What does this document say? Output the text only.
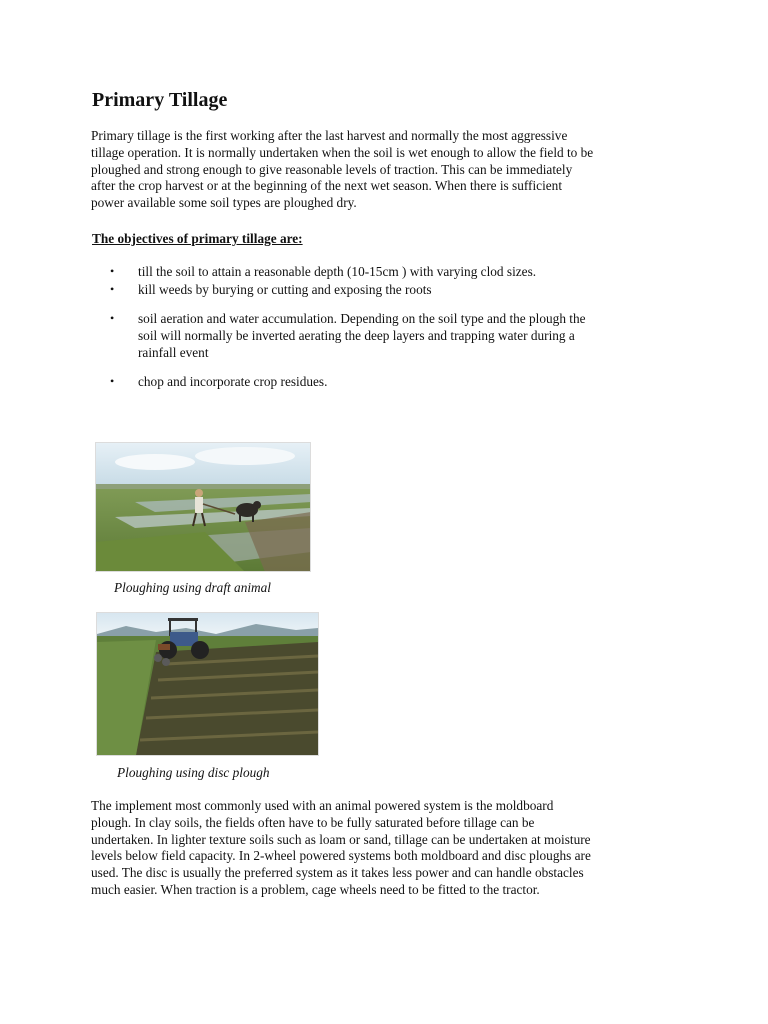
Primary Tillage

Primary tillage is the first working after the last harvest and normally the most aggressive
tillage operation. It is normally undertaken when the soil is wet enough to allow the field to be
ploughed and strong enough to give reasonable levels of traction. This can be immediately
after the crop harvest or at the beginning of the next wet season. When there is sufficient
power available some soil types are ploughed dry.

The objectives of primary tillage are:

• till the soil to attain a reasonable depth (10-15cm ) with varying clod sizes.
• kill weeds by burying or cutting and exposing the roots
• soil aeration and water accumulation. Depending on the soil type and the plough the
soil will normally be inverted aerating the deep layers and trapping water during a
rainfall event
• chop and incorporate crop residues.

Ploughing using draft animal

Ploughing using disc plough

The implement most commonly used with an animal powered system is the moldboard
plough. In clay soils, the fields often have to be fully saturated before tillage can be
undertaken. In lighter texture soils such as loam or sand, tillage can be undertaken at moisture
levels below field capacity. In 2-wheel powered systems both moldboard and disc ploughs are
used. The disc is usually the preferred system as it takes less power and can handle obstacles
much easier. When traction is a problem, cage wheels need to be fitted to the tractor.
